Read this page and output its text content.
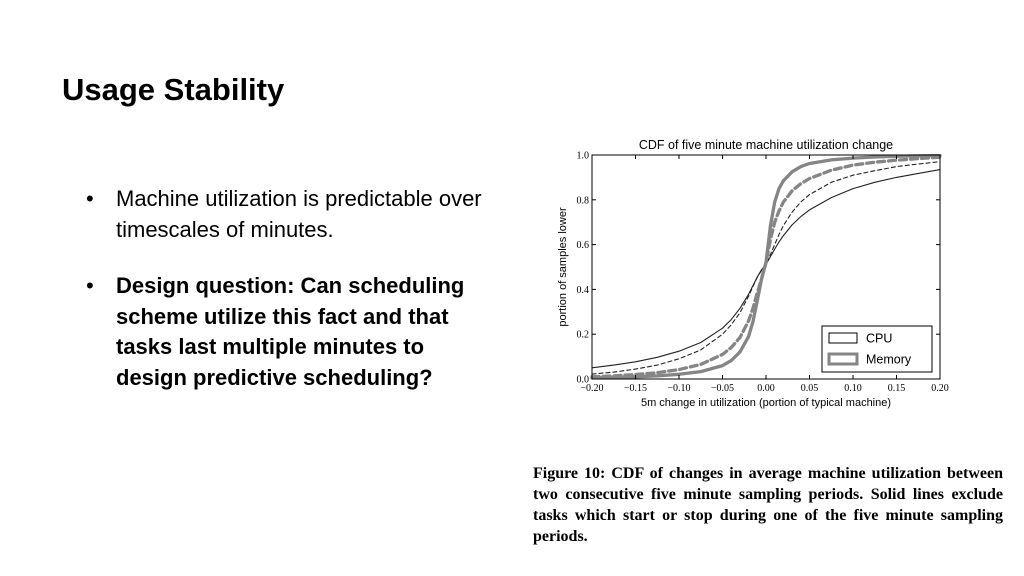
Usage Stability
• Machine utilization is predictable over timescales of minutes.
• Design question: Can scheduling scheme utilize this fact and that tasks last multiple minutes to design predictive scheduling?
CDF of five minute machine utilization change
5m change in utilization (portion of typical machine)
portion of samples lower
−0.20 −0.15 −0.10 −0.05 0.00	0.05	0.10	0.15	0.20
0.0
0.2
0.4
0.6
0.8
1.0
CPU
Memory
Figure 10: CDF of changes in average machine utilization between two consecutive five minute sampling periods. Solid lines exclude tasks which start or stop during one of the five minute sampling periods.
